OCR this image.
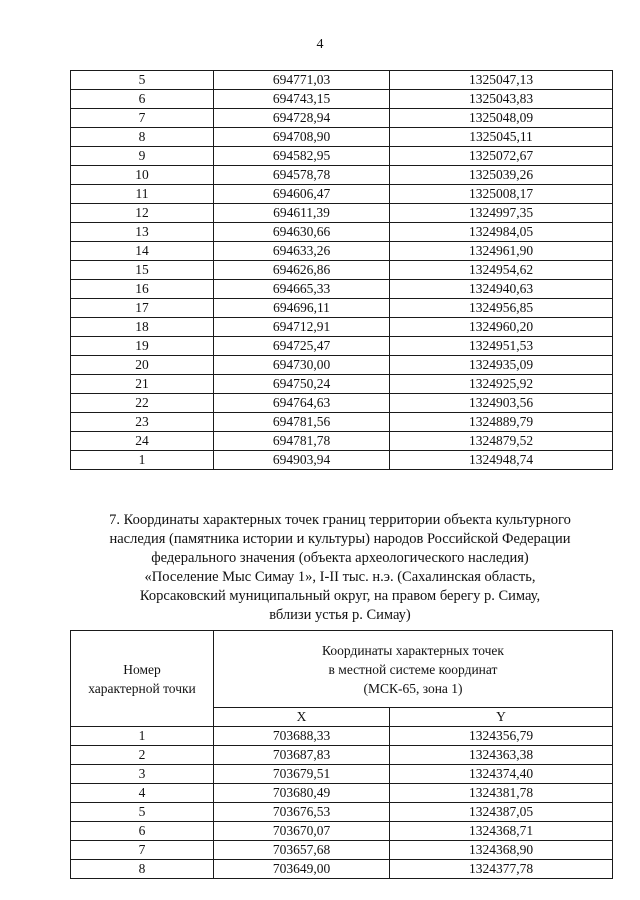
4
5	694771,03	1325047,13
6	694743,15	1325043,83
7	694728,94	1325048,09
8	694708,90	1325045,11
9	694582,95	1325072,67
10	694578,78	1325039,26
11	694606,47	1325008,17
12	694611,39	1324997,35
13	694630,66	1324984,05
14	694633,26	1324961,90
15	694626,86	1324954,62
16	694665,33	1324940,63
17	694696,11	1324956,85
18	694712,91	1324960,20
19	694725,47	1324951,53
20	694730,00	1324935,09
21	694750,24	1324925,92
22	694764,63	1324903,56
23	694781,56	1324889,79
24	694781,78	1324879,52
1	694903,94	1324948,74
7. Координаты характерных точек границ территории объекта культурного
наследия (памятника истории и культуры) народов Российской Федерации
федерального значения (объекта археологического наследия)
«Поселение Мыс Симау 1», I-II тыс. н.э. (Сахалинская область,
Корсаковский муниципальный округ, на правом берегу р. Симау,
вблизи устья р. Симау)
Номер
характерной точки	Координаты характерных точек
в местной системе координат
(МСК-65, зона 1)	

	X	Y
1	703688,33	1324356,79
2	703687,83	1324363,38
3	703679,51	1324374,40
4	703680,49	1324381,78
5	703676,53	1324387,05
6	703670,07	1324368,71
7	703657,68	1324368,90
8	703649,00	1324377,78
